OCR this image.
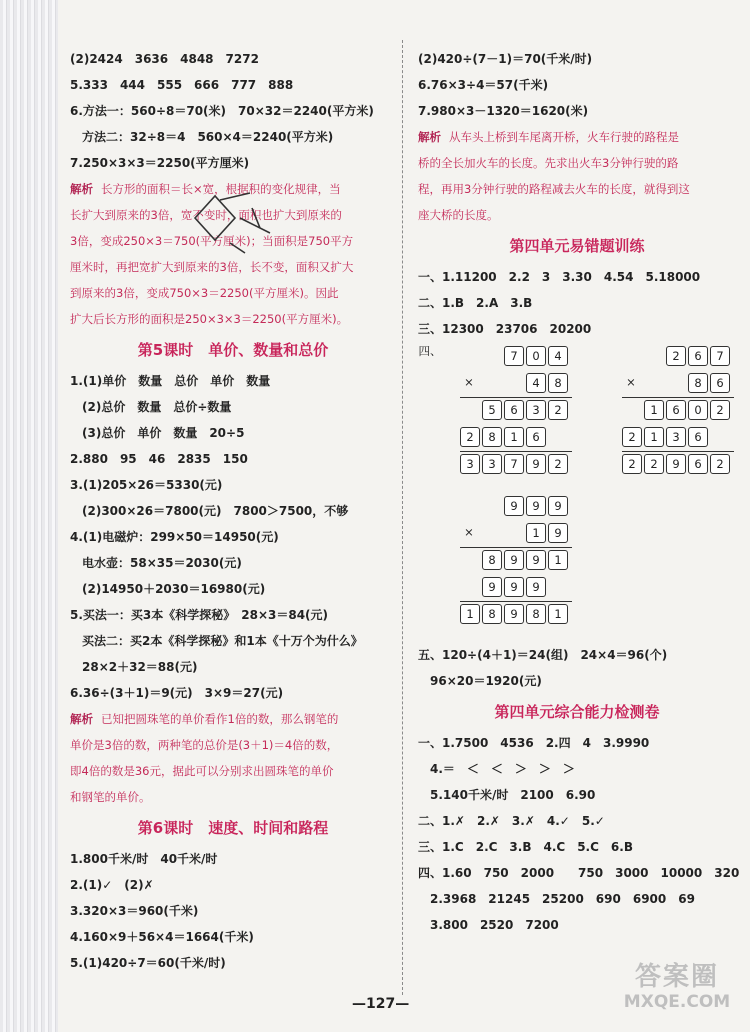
(2)2424　3636　4848　7272
5.333　444　555　666　777　888
6.方法一：560÷8＝70(米)　70×32＝2240(平方米)
　方法二：32÷8＝4　560×4＝2240(平方米)
7.250×3×3＝2250(平方厘米)
解析 长方形的面积＝长×宽，根据积的变化规律，当
长扩大到原来的3倍，宽不变时，面积也扩大到原来的
3倍，变成250×3＝750(平方厘米)；当面积是750平方
厘米时，再把宽扩大到原来的3倍，长不变，面积又扩大
到原来的3倍，变成750×3＝2250(平方厘米)。因此
扩大后长方形的面积是250×3×3＝2250(平方厘米)。
第5课时　单价、数量和总价
1.(1)单价　数量　总价　单价　数量
　(2)总价　数量　总价÷数量
　(3)总价　单价　数量　20÷5
2.880　95　46　2835　150
3.(1)205×26＝5330(元)
　(2)300×26＝7800(元)　7800＞7500，不够
4.(1)电磁炉：299×50＝14950(元)
　电水壶：58×35＝2030(元)
　(2)14950＋2030＝16980(元)
5.买法一：买3本《科学探秘》　28×3＝84(元)
　买法二：买2本《科学探秘》和1本《十万个为什么》
　28×2＋32＝88(元)
6.36÷(3＋1)＝9(元)　3×9＝27(元)
解析 已知把圆珠笔的单价看作1倍的数，那么钢笔的
单价是3倍的数，两种笔的总价是(3＋1)＝4倍的数，
即4倍的数是36元，据此可以分别求出圆珠笔的单价
和钢笔的单价。
第6课时　速度、时间和路程
1.800千米/时　40千米/时
2.(1)✓　(2)✗
3.320×3＝960(千米)
4.160×9＋56×4＝1664(千米)
5.(1)420÷7＝60(千米/时)
(2)420÷(7－1)＝70(千米/时)
6.76×3÷4＝57(千米)
7.980×3－1320＝1620(米)
解析 从车头上桥到车尾离开桥，火车行驶的路程是
桥的全长加火车的长度。先求出火车3分钟行驶的路
程，再用3分钟行驶的路程减去火车的长度，就得到这
座大桥的长度。
第四单元易错题训练
一、1.11200　2.2　3　3.30　4.54　5.18000
二、1.B　2.A　3.B
三、12300　23706　20200
四、	7	0	4
×	4	8
5	6	3	2
2	8	1	6
3	3	7	9	2
2	6	7
×	8	6
1	6	0	2
2	1	3	6
2	2	9	6	2
9	9	9
×	1	9
8	9	9	1
9	9	9
1	8	9	8	1
五、120÷(4＋1)＝24(组)　24×4＝96(个)
　96×20＝1920(元)
第四单元综合能力检测卷
一、1.7500　4536　2.四　4　3.9990
　4.＝　＜　＜　＞　＞　＞
　5.140千米/时　2100　6.90
二、1.✗　2.✗　3.✗　4.✓　5.✓
三、1.C　2.C　3.B　4.C　5.C　6.B
四、1.60　750　2000　　750　3000　10000　320
　2.3968　21245　25200　690　6900　69
　3.800　2520　7200
—127—
答案圈
MXQE.COM
